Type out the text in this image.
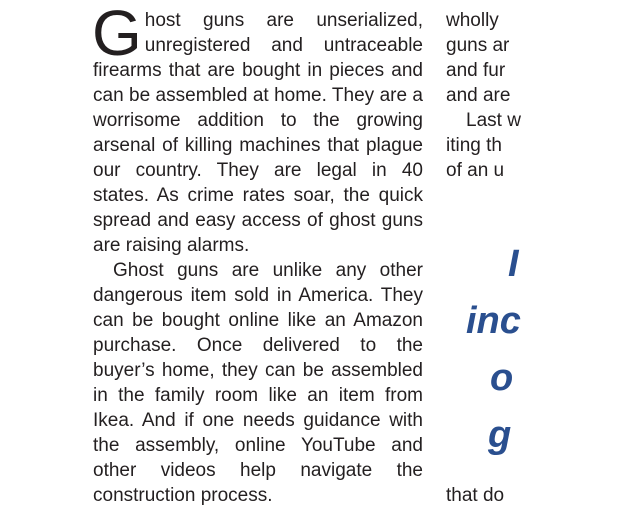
Ghost guns are unserialized, unregistered and untraceable firearms that are bought in pieces and can be assembled at home. They are a worrisome addition to the growing arsenal of killing machines that plague our country. They are legal in 40 states. As crime rates soar, the quick spread and easy access of ghost guns are raising alarms.

Ghost guns are unlike any other dangerous item sold in America. They can be bought online like an Amazon purchase. Once delivered to the buyer’s home, they can be assembled in the family room like an item from Ikea. And if one needs guidance with the assembly, online YouTube and other videos help navigate the construction process.

wholly
guns ar
and fur
and are
Last w
iting th
of an u
I
inc
o
g
that do
